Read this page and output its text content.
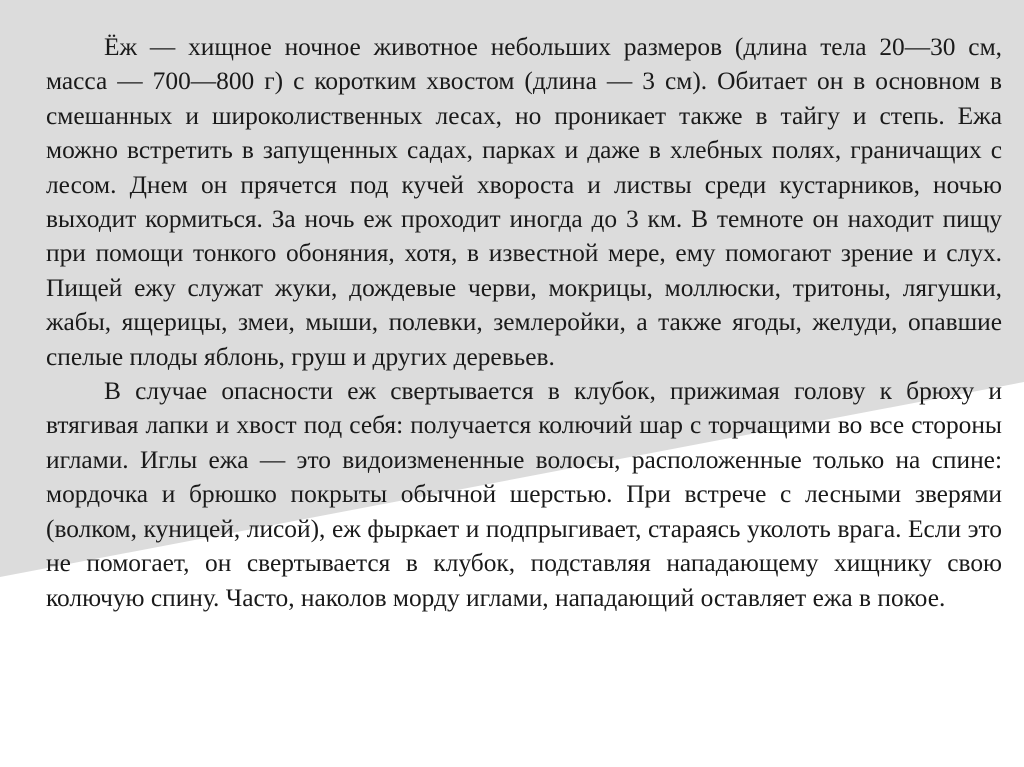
Ёж — хищное ночное животное небольших размеров (длина тела 20—30 см, масса — 700—800 г) с коротким хвостом (длина — 3 см). Обитает он в основном в смешанных и широколиственных лесах, но проникает также в тайгу и степь. Ежа можно встретить в запущенных садах, парках и даже в хлебных полях, граничащих с лесом. Днем он прячется под кучей хвороста и листвы среди кустарников, ночью выходит кормиться. За ночь еж проходит иногда до 3 км. В темноте он находит пищу при помощи тонкого обоняния, хотя, в известной мере, ему помогают зрение и слух. Пищей ежу служат жуки, дождевые черви, мокрицы, моллюски, тритоны, лягушки, жабы, ящерицы, змеи, мыши, полевки, землеройки, а также ягоды, желуди, опавшие спелые плоды яблонь, груш и других деревьев.

В случае опасности еж свертывается в клубок, прижимая голову к брюху и втягивая лапки и хвост под себя: получается колючий шар с торчащими во все стороны иглами. Иглы ежа — это видоизмененные волосы, расположенные только на спине: мордочка и брюшко покрыты обычной шерстью. При встрече с лесными зверями (волком, куницей, лисой), еж фыркает и подпрыгивает, стараясь уколоть врага. Если это не помогает, он свертывается в клубок, подставляя нападающему хищнику свою колючую спину. Часто, наколов морду иглами, нападающий оставляет ежа в покое.
